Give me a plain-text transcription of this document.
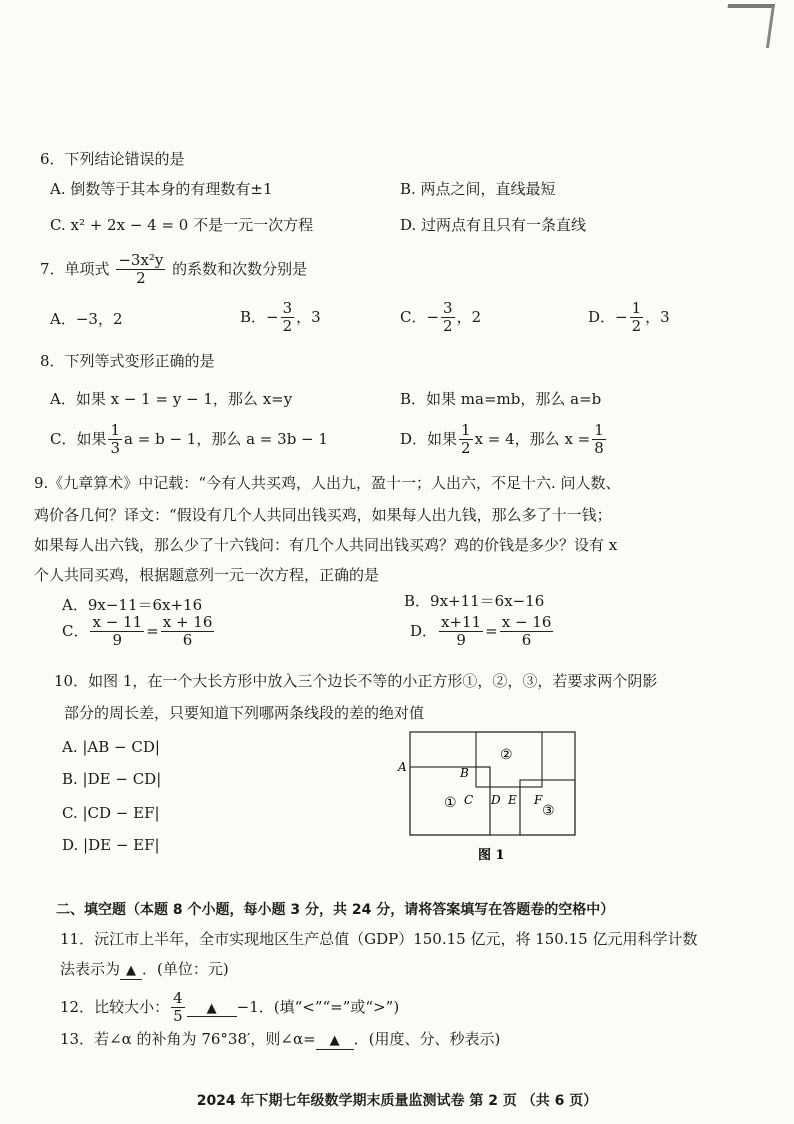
6．下列结论错误的是
A. 倒数等于其本身的有理数有±1	B. 两点之间，直线最短
C. x² + 2x − 4 = 0 不是一元一次方程	D. 过两点有且只有一条直线
7．单项式 $\frac{\text{−3x²y}}{2}$ 的系数和次数分别是
A．−3，2	B．− $\frac{3}{2}$ ，3	C．− $\frac{3}{2}$ ，2	D．− $\frac{1}{2}$ ，3
8．下列等式变形正确的是
A．如果 x − 1 = y − 1，那么 x=y	B．如果 ma=mb，那么 a=b
C．如果 $\frac{1}{3}$ a = b − 1，那么 a = 3b − 1	D．如果 $\frac{1}{2}$ x = 4，那么 $x = \frac{1}{8}$
9.《九章算术》中记载：“今有人共买鸡，人出九，盈十一；人出六，不足十六. 问人数、
鸡价各几何？译文：“假设有几个人共同出钱买鸡，如果每人出九钱，那么多了十一钱；
如果每人出六钱，那么少了十六钱问：有几个人共同出钱买鸡？鸡的价钱是多少？设有 x
个人共同买鸡，根据题意列一元一次方程，正确的是
A．9x−11＝6x+16	B．9x+11＝6x−16
C． $\frac{x - 11}{9} = \frac{x + 16}{6}$	D． $\frac{x+11}{9} = \frac{x - 16}{6}$
10．如图 1，在一个大长方形中放入三个边长不等的小正方形①，②，③，若要求两个阴影
部分的周长差，只要知道下列哪两条线段的差的绝对值
A. |AB − CD|
B. |DE − CD|
C. |CD − EF|
D. |DE − EF|
A	B
C D E F
①
②
③
图 1
二、填空题（本题 8 个小题，每小题 3 分，共 24 分，请将答案填写在答题卷的空格中）
11．沅江市上半年，全市实现地区生产总值（GDP）150.15 亿元，将 150.15 亿元用科学计数
法表示为 ▲ ．(单位：元)
12．比较大小： $\frac{4}{5}$ ▲ −1．(填“<”“=”或“>”)
13．若∠α 的补角为 76°38′，则∠α= ▲ ．(用度、分、秒表示)
2024 年下期七年级数学期末质量监测试卷 第 2 页 （共 6 页）
